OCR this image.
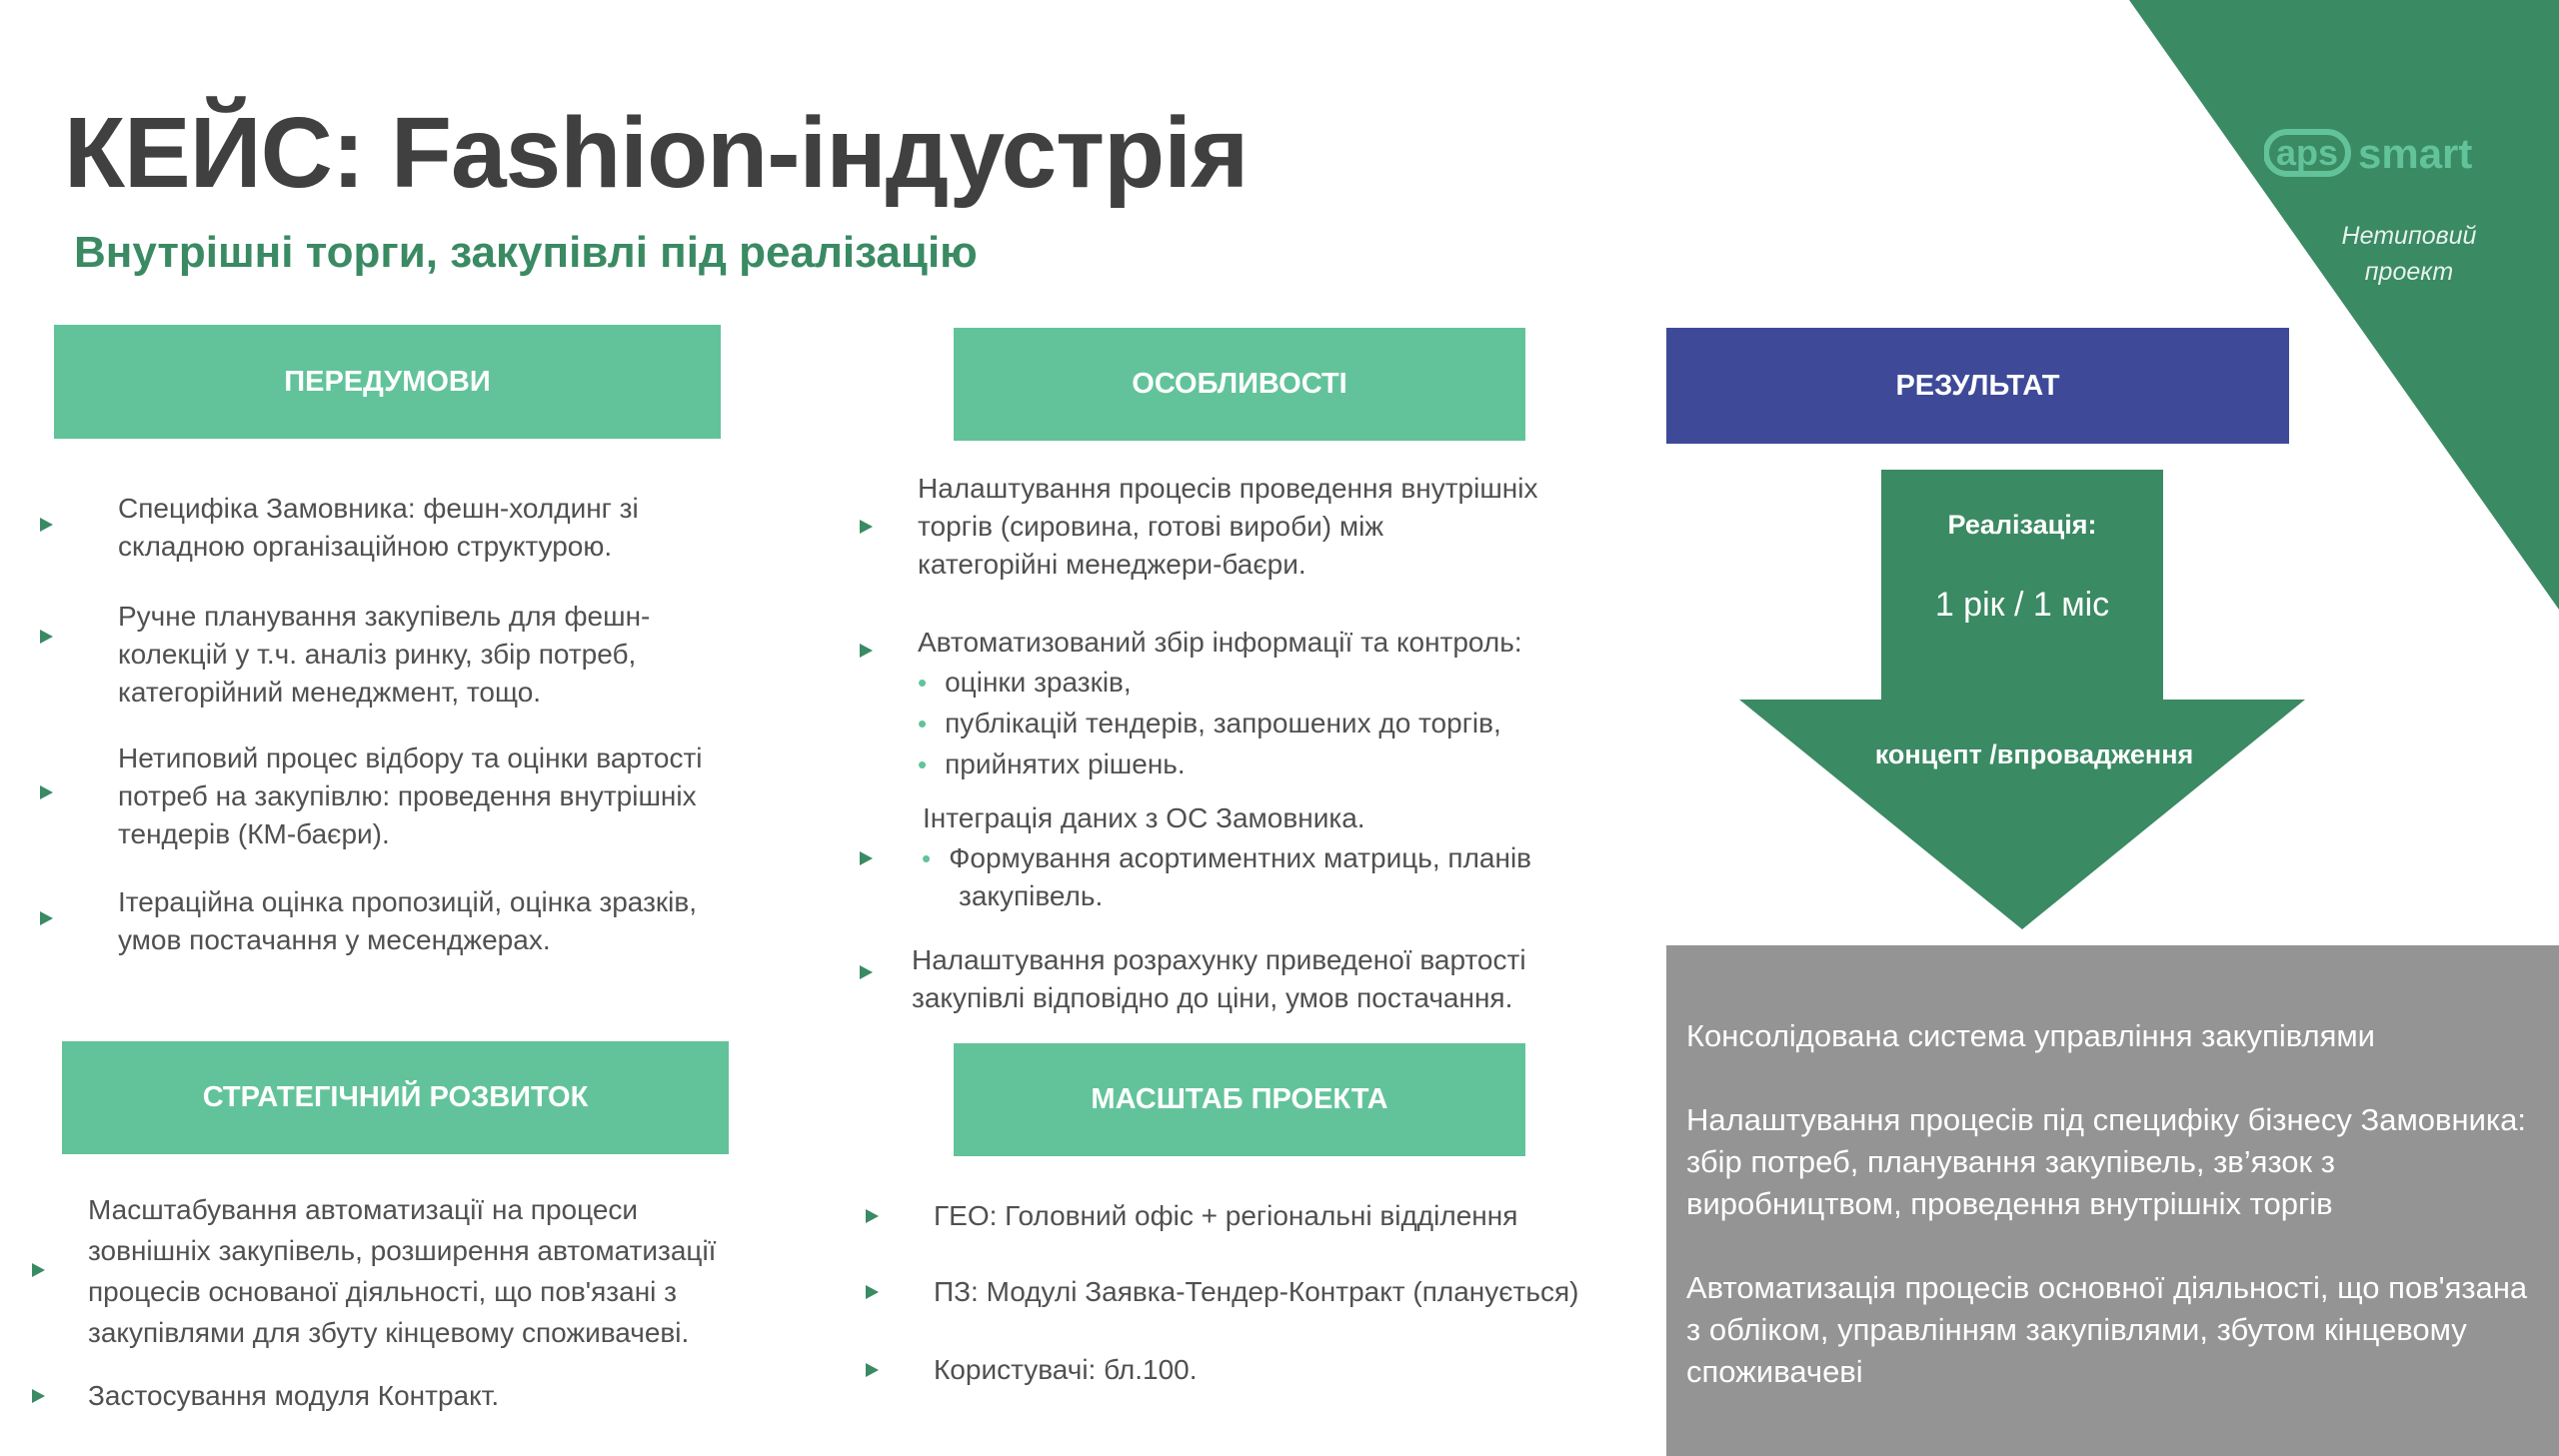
aps smart
Нетиповий
проект
КЕЙС: Fashion-індустрія
Внутрішні торги, закупівлі під реалізацію
ПЕРЕДУМОВИ
Специфіка Замовника: фешн-холдинг зі
складною організаційною структурою.
Ручне планування закупівель для фешн-
колекцій у т.ч. аналіз ринку, збір потреб,
категорійний менеджмент, тощо.
Нетиповий процес відбору та оцінки вартості
потреб на закупівлю: проведення внутрішніх
тендерів (КМ-баєри).
Ітераційна оцінка пропозицій, оцінка зразків,
умов постачання у месенджерах.
ОСОБЛИВОСТІ
Налаштування процесів проведення внутрішніх
торгів (сировина, готові вироби) між
категорійні менеджери-баєри.
Автоматизований збір інформації та контроль:
• оцінки зразків,
• публікацій тендерів, запрошених до торгів,
• прийнятих рішень.
Інтеграція даних з ОС Замовника.
• Формування асортиментних матриць, планів
закупівель.
Налаштування розрахунку приведеної вартості
закупівлі відповідно до ціни, умов постачання.
РЕЗУЛЬТАТ
Реалізація:
1 рік / 1 міс
концепт /впровадження
Консолідована система управління закупівлями
Налаштування процесів під специфіку бізнесу Замовника:
збір потреб, планування закупівель, зв’язок з
виробництвом, проведення внутрішніх торгів
Автоматизація процесів основної діяльності, що пов'язана
з обліком, управлінням закупівлями, збутом кінцевому
споживачеві
СТРАТЕГІЧНИЙ РОЗВИТОК
Масштабування автоматизації на процеси
зовнішніх закупівель, розширення автоматизації
процесів основаної діяльності, що пов'язані з
закупівлями для збуту кінцевому споживачеві.
Застосування модуля Контракт.
МАСШТАБ ПРОЕКТА
ГЕО: Головний офіс + регіональні відділення
ПЗ: Модулі Заявка-Тендер-Контракт (планується)
Користувачі: бл.100.
